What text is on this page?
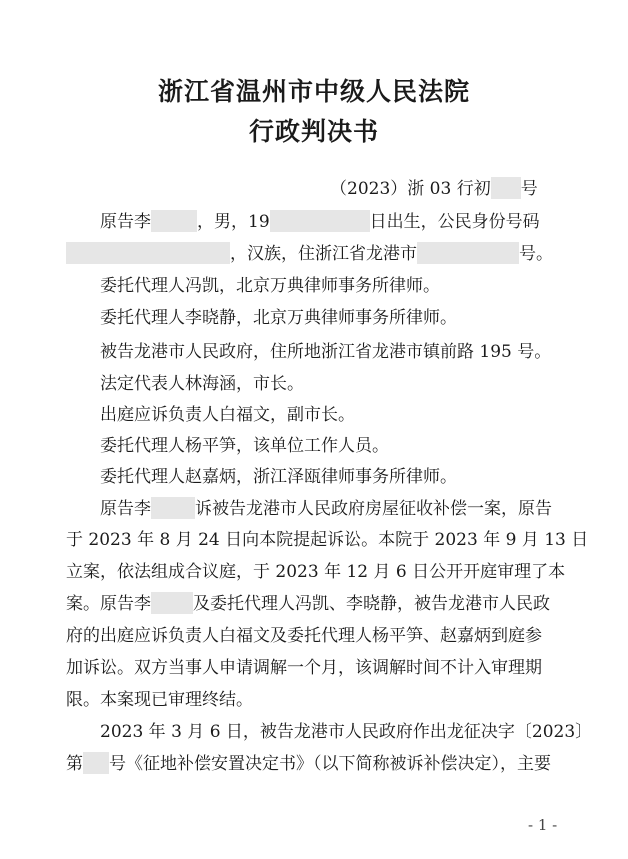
浙江省温州市中级人民法院
行政判决书
（2023）浙 03 行初 号
原告李	，男，19	日出生，公民身份号码
，汉族，住浙江省龙港市	号。
委托代理人冯凯，北京万典律师事务所律师。
委托代理人李晓静，北京万典律师事务所律师。
被告龙港市人民政府，住所地浙江省龙港市镇前路 195 号。
法定代表人林海涵，市长。
出庭应诉负责人白福文，副市长。
委托代理人杨平笋，该单位工作人员。
委托代理人赵嘉炳，浙江泽瓯律师事务所律师。
原告李	诉被告龙港市人民政府房屋征收补偿一案，原告
于 2023 年 8 月 24 日向本院提起诉讼。本院于 2023 年 9 月 13 日
立案，依法组成合议庭，于 2023 年 12 月 6 日公开开庭审理了本
案。原告李 及委托代理人冯凯、李晓静，被告龙港市人民政
府的出庭应诉负责人白福文及委托代理人杨平笋、赵嘉炳到庭参
加诉讼。双方当事人申请调解一个月，该调解时间不计入审理期
限。本案现已审理终结。
2023 年 3 月 6 日，被告龙港市人民政府作出龙征决字〔2023〕
第 号《征地补偿安置决定书》（以下简称被诉补偿决定），主要
- 1 -
